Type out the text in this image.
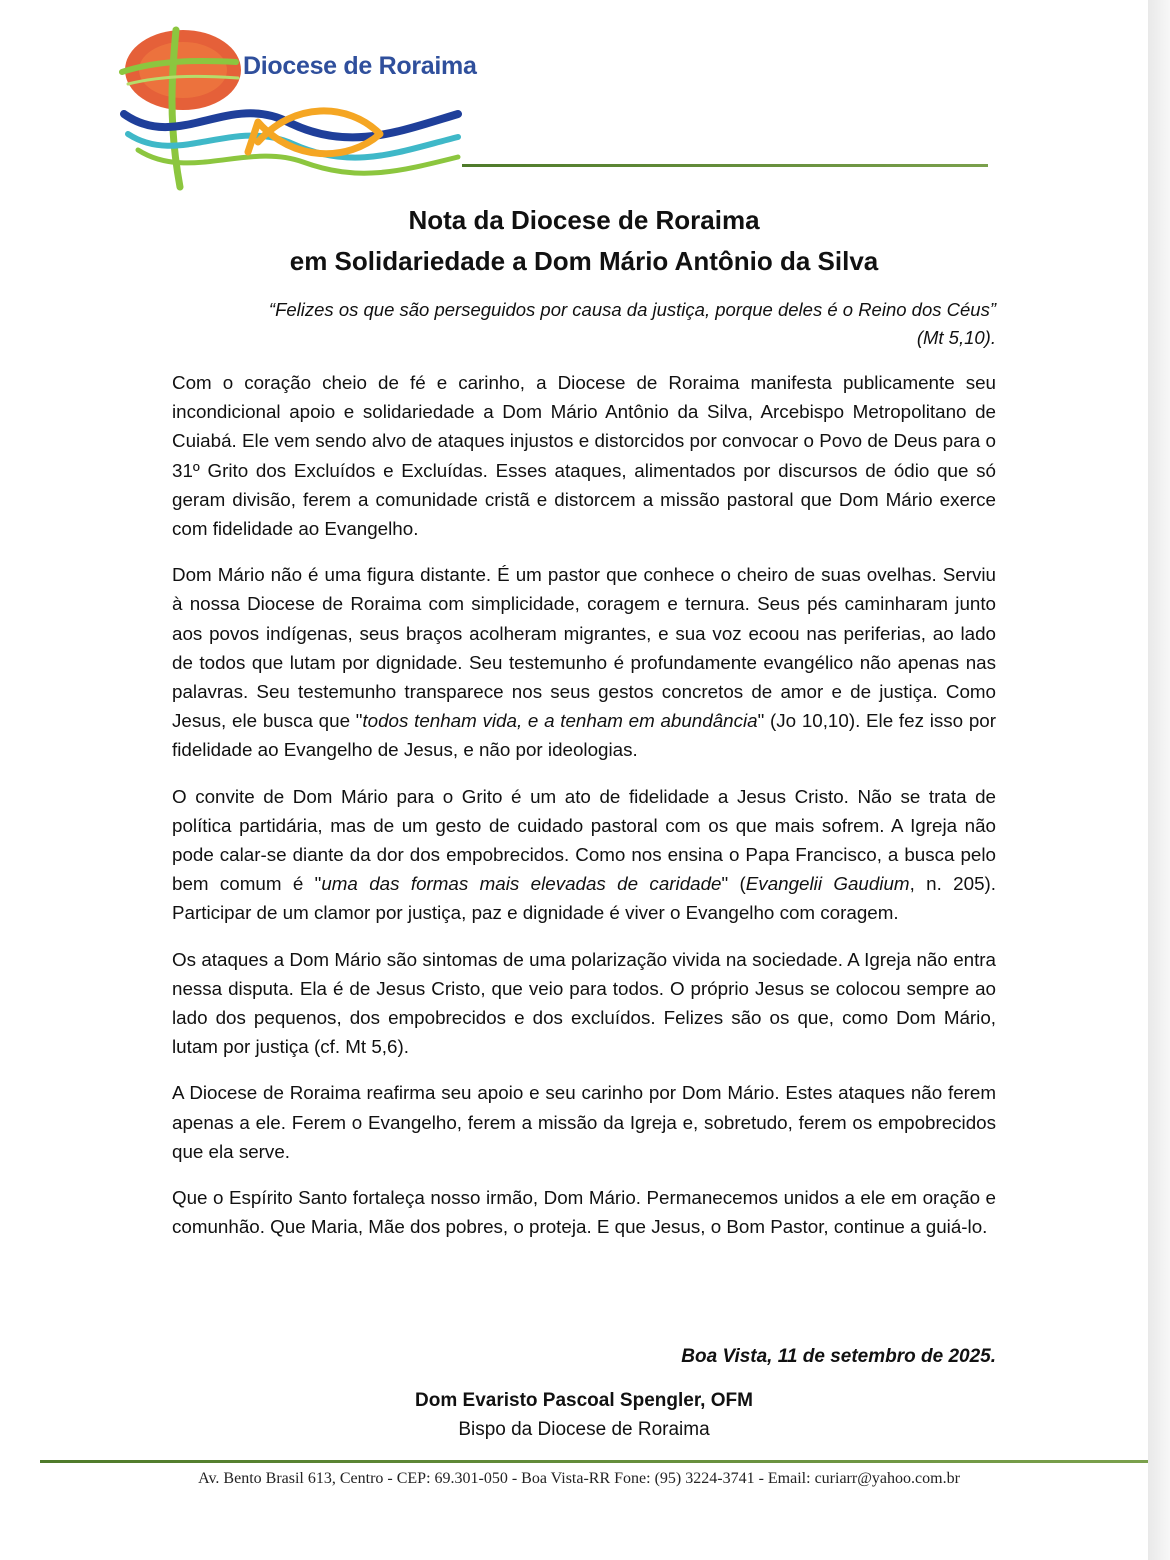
Diocese de Roraima
Nota da Diocese de Roraima
em Solidariedade a Dom Mário Antônio da Silva
“Felizes os que são perseguidos por causa da justiça, porque deles é o Reino dos Céus”
(Mt 5,10).

Com o coração cheio de fé e carinho, a Diocese de Roraima manifesta publicamente seu incondicional apoio e solidariedade a Dom Mário Antônio da Silva, Arcebispo Metropolitano de Cuiabá. Ele vem sendo alvo de ataques injustos e distorcidos por convocar o Povo de Deus para o 31º Grito dos Excluídos e Excluídas. Esses ataques, alimentados por discursos de ódio que só geram divisão, ferem a comunidade cristã e distorcem a missão pastoral que Dom Mário exerce com fidelidade ao Evangelho.

Dom Mário não é uma figura distante. É um pastor que conhece o cheiro de suas ovelhas. Serviu à nossa Diocese de Roraima com simplicidade, coragem e ternura. Seus pés caminharam junto aos povos indígenas, seus braços acolheram migrantes, e sua voz ecoou nas periferias, ao lado de todos que lutam por dignidade. Seu testemunho é profundamente evangélico não apenas nas palavras. Seu testemunho transparece nos seus gestos concretos de amor e de justiça. Como Jesus, ele busca que "todos tenham vida, e a tenham em abundância" (Jo 10,10). Ele fez isso por fidelidade ao Evangelho de Jesus, e não por ideologias.

O convite de Dom Mário para o Grito é um ato de fidelidade a Jesus Cristo. Não se trata de política partidária, mas de um gesto de cuidado pastoral com os que mais sofrem. A Igreja não pode calar-se diante da dor dos empobrecidos. Como nos ensina o Papa Francisco, a busca pelo bem comum é "uma das formas mais elevadas de caridade" (Evangelii Gaudium, n. 205). Participar de um clamor por justiça, paz e dignidade é viver o Evangelho com coragem.

Os ataques a Dom Mário são sintomas de uma polarização vivida na sociedade. A Igreja não entra nessa disputa. Ela é de Jesus Cristo, que veio para todos. O próprio Jesus se colocou sempre ao lado dos pequenos, dos empobrecidos e dos excluídos. Felizes são os que, como Dom Mário, lutam por justiça (cf. Mt 5,6).

A Diocese de Roraima reafirma seu apoio e seu carinho por Dom Mário. Estes ataques não ferem apenas a ele. Ferem o Evangelho, ferem a missão da Igreja e, sobretudo, ferem os empobrecidos que ela serve.

Que o Espírito Santo fortaleça nosso irmão, Dom Mário. Permanecemos unidos a ele em oração e comunhão. Que Maria, Mãe dos pobres, o proteja. E que Jesus, o Bom Pastor, continue a guiá-lo.

Boa Vista, 11 de setembro de 2025.
Dom Evaristo Pascoal Spengler, OFM
Bispo da Diocese de Roraima
Av. Bento Brasil 613, Centro - CEP: 69.301-050 - Boa Vista-RR Fone: (95) 3224-3741 - Email: curiarr@yahoo.com.br
